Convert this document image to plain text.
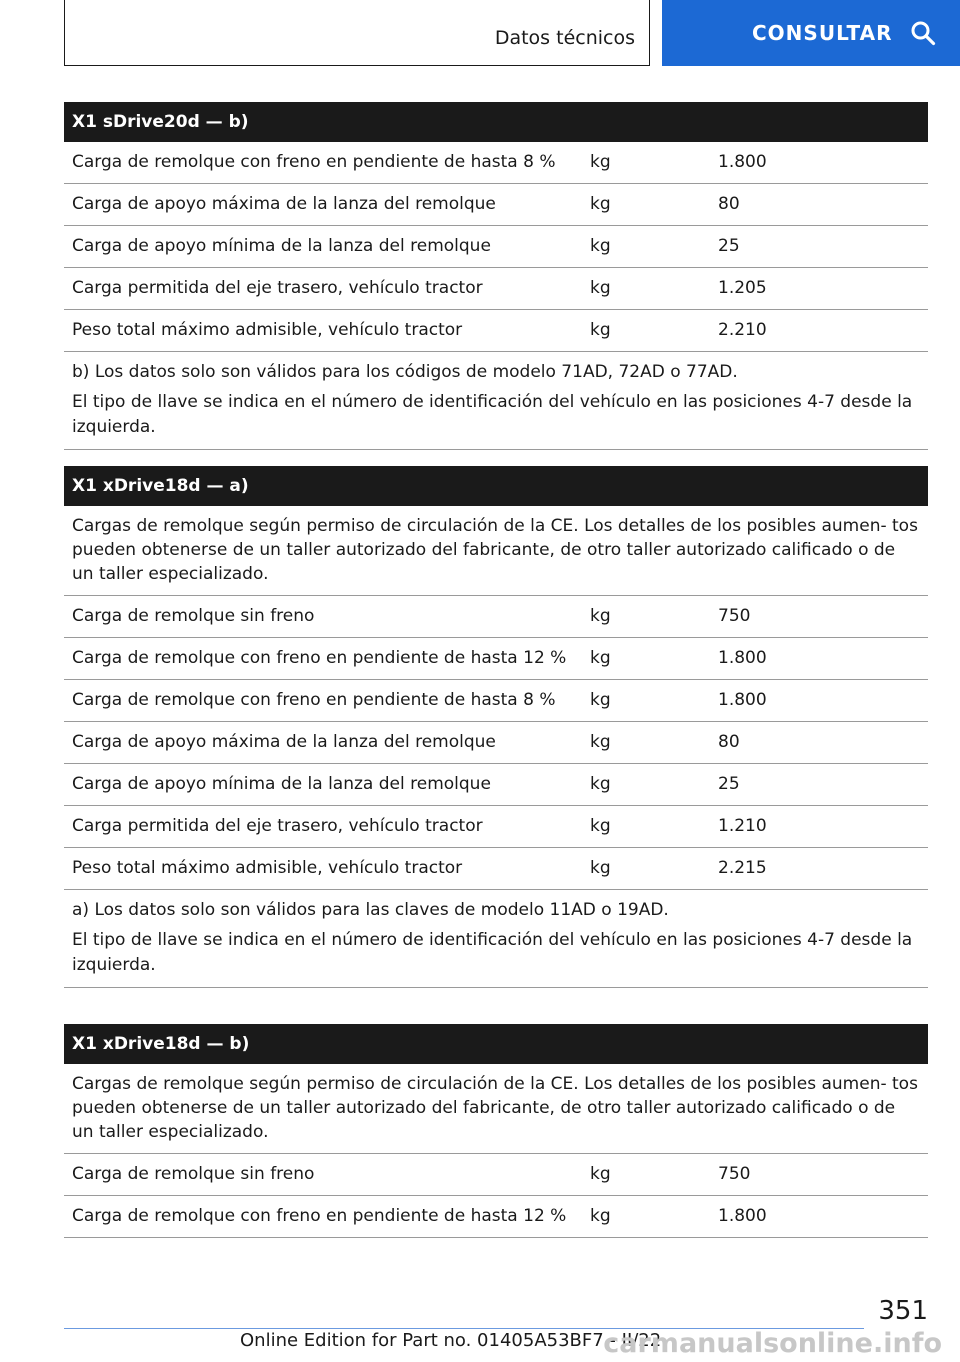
Datos técnicos	CONSULTAR
X1 sDrive20d — b)
Carga de remolque con freno en pendiente de hasta 8 %	kg	1.800
Carga de apoyo máxima de la lanza del remolque	kg	80
Carga de apoyo mínima de la lanza del remolque	kg	25
Carga permitida del eje trasero, vehículo tractor	kg	1.205
Peso total máximo admisible, vehículo tractor	kg	2.210

b) Los datos solo son válidos para los códigos de modelo 71AD, 72AD o 77AD.

El tipo de llave se indica en el número de identificación del vehículo en las posiciones 4-7 desde la izquierda.

X1 xDrive18d — a)
Cargas de remolque según permiso de circulación de la CE. Los detalles de los posibles aumen- tos pueden obtenerse de un taller autorizado del fabricante, de otro taller autorizado calificado o de un taller especializado.
Carga de remolque sin freno	kg	750
Carga de remolque con freno en pendiente de hasta 12 %	kg	1.800
Carga de remolque con freno en pendiente de hasta 8 %	kg	1.800
Carga de apoyo máxima de la lanza del remolque	kg	80
Carga de apoyo mínima de la lanza del remolque	kg	25
Carga permitida del eje trasero, vehículo tractor	kg	1.210
Peso total máximo admisible, vehículo tractor	kg	2.215

a) Los datos solo son válidos para las claves de modelo 11AD o 19AD.

El tipo de llave se indica en el número de identificación del vehículo en las posiciones 4-7 desde la izquierda.

X1 xDrive18d — b)
Cargas de remolque según permiso de circulación de la CE. Los detalles de los posibles aumen- tos pueden obtenerse de un taller autorizado del fabricante, de otro taller autorizado calificado o de un taller especializado.
Carga de remolque sin freno	kg	750
Carga de remolque con freno en pendiente de hasta 12 %	kg	1.800
351
Online Edition for Part no. 01405A53BF7 - II/22
carmanualsonline.info
